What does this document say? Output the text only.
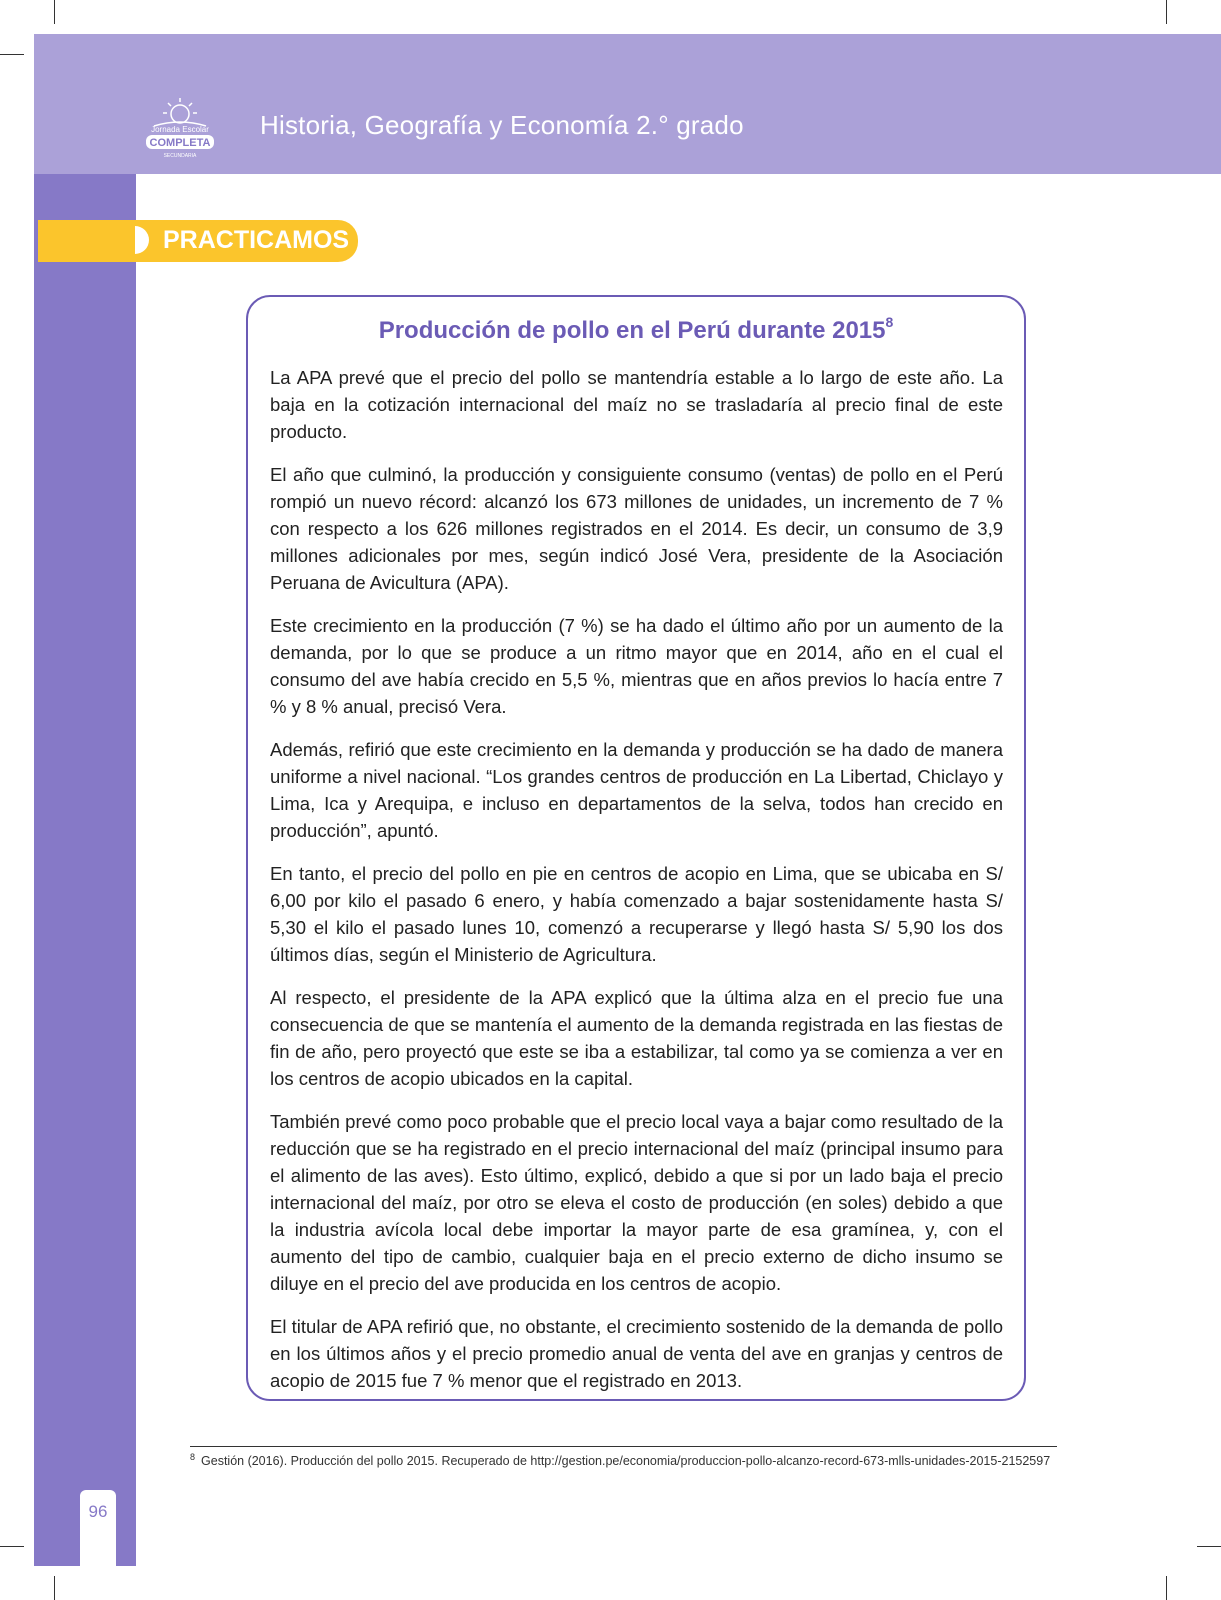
Jornada Escolar
COMPLETA
SECUNDARIA
Historia, Geografía y Economía 2.° grado
96
PRACTICAMOS
Producción de pollo en el Perú durante 2015$^8$

La APA prevé que el precio del pollo se mantendría estable a lo largo de este año. La baja en la cotización internacional del maíz no se trasladaría al precio final de este producto.

El año que culminó, la producción y consiguiente consumo (ventas) de pollo en el Perú rompió un nuevo récord: alcanzó los 673 millones de unidades, un incremento de 7 % con respecto a los 626 millones registrados en el 2014. Es decir, un consumo de 3,9 millones adicionales por mes, según indicó José Vera, presidente de la Asociación Peruana de Avicultura (APA).

Este crecimiento en la producción (7 %) se ha dado el último año por un aumento de la demanda, por lo que se produce a un ritmo mayor que en 2014, año en el cual el consumo del ave había crecido en 5,5 %, mientras que en años previos lo hacía entre 7 % y 8 % anual, precisó Vera.

Además, refirió que este crecimiento en la demanda y producción se ha dado de manera uniforme a nivel nacional. “Los grandes centros de producción en La Libertad, Chiclayo y Lima, Ica y Arequipa, e incluso en departamentos de la selva, todos han crecido en producción”, apuntó.

En tanto, el precio del pollo en pie en centros de acopio en Lima, que se ubicaba en S/ 6,00 por kilo el pasado 6 enero, y había comenzado a bajar sostenidamente hasta S/ 5,30 el kilo el pasado lunes 10, comenzó a recuperarse y llegó hasta S/ 5,90 los dos últimos días, según el Ministerio de Agricultura.

Al respecto, el presidente de la APA explicó que la última alza en el precio fue una consecuencia de que se mantenía el aumento de la demanda registrada en las fiestas de fin de año, pero proyectó que este se iba a estabilizar, tal como ya se comienza a ver en los centros de acopio ubicados en la capital.

También prevé como poco probable que el precio local vaya a bajar como resultado de la reducción que se ha registrado en el precio internacional del maíz (principal insumo para el alimento de las aves). Esto último, explicó, debido a que si por un lado baja el precio internacional del maíz, por otro se eleva el costo de producción (en soles) debido a que la industria avícola local debe importar la mayor parte de esa gramínea, y, con el aumento del tipo de cambio, cualquier baja en el precio externo de dicho insumo se diluye en el precio del ave producida en los centros de acopio.

El titular de APA refirió que, no obstante, el crecimiento sostenido de la demanda de pollo en los últimos años y el precio promedio anual de venta del ave en granjas y centros de acopio de 2015 fue 7 % menor que el registrado en 2013.

$^8$ Gestión (2016). Producción del pollo 2015. Recuperado de http://gestion.pe/economia/produccion-pollo-alcanzo-record-673-mlls-unidades-2015-2152597
